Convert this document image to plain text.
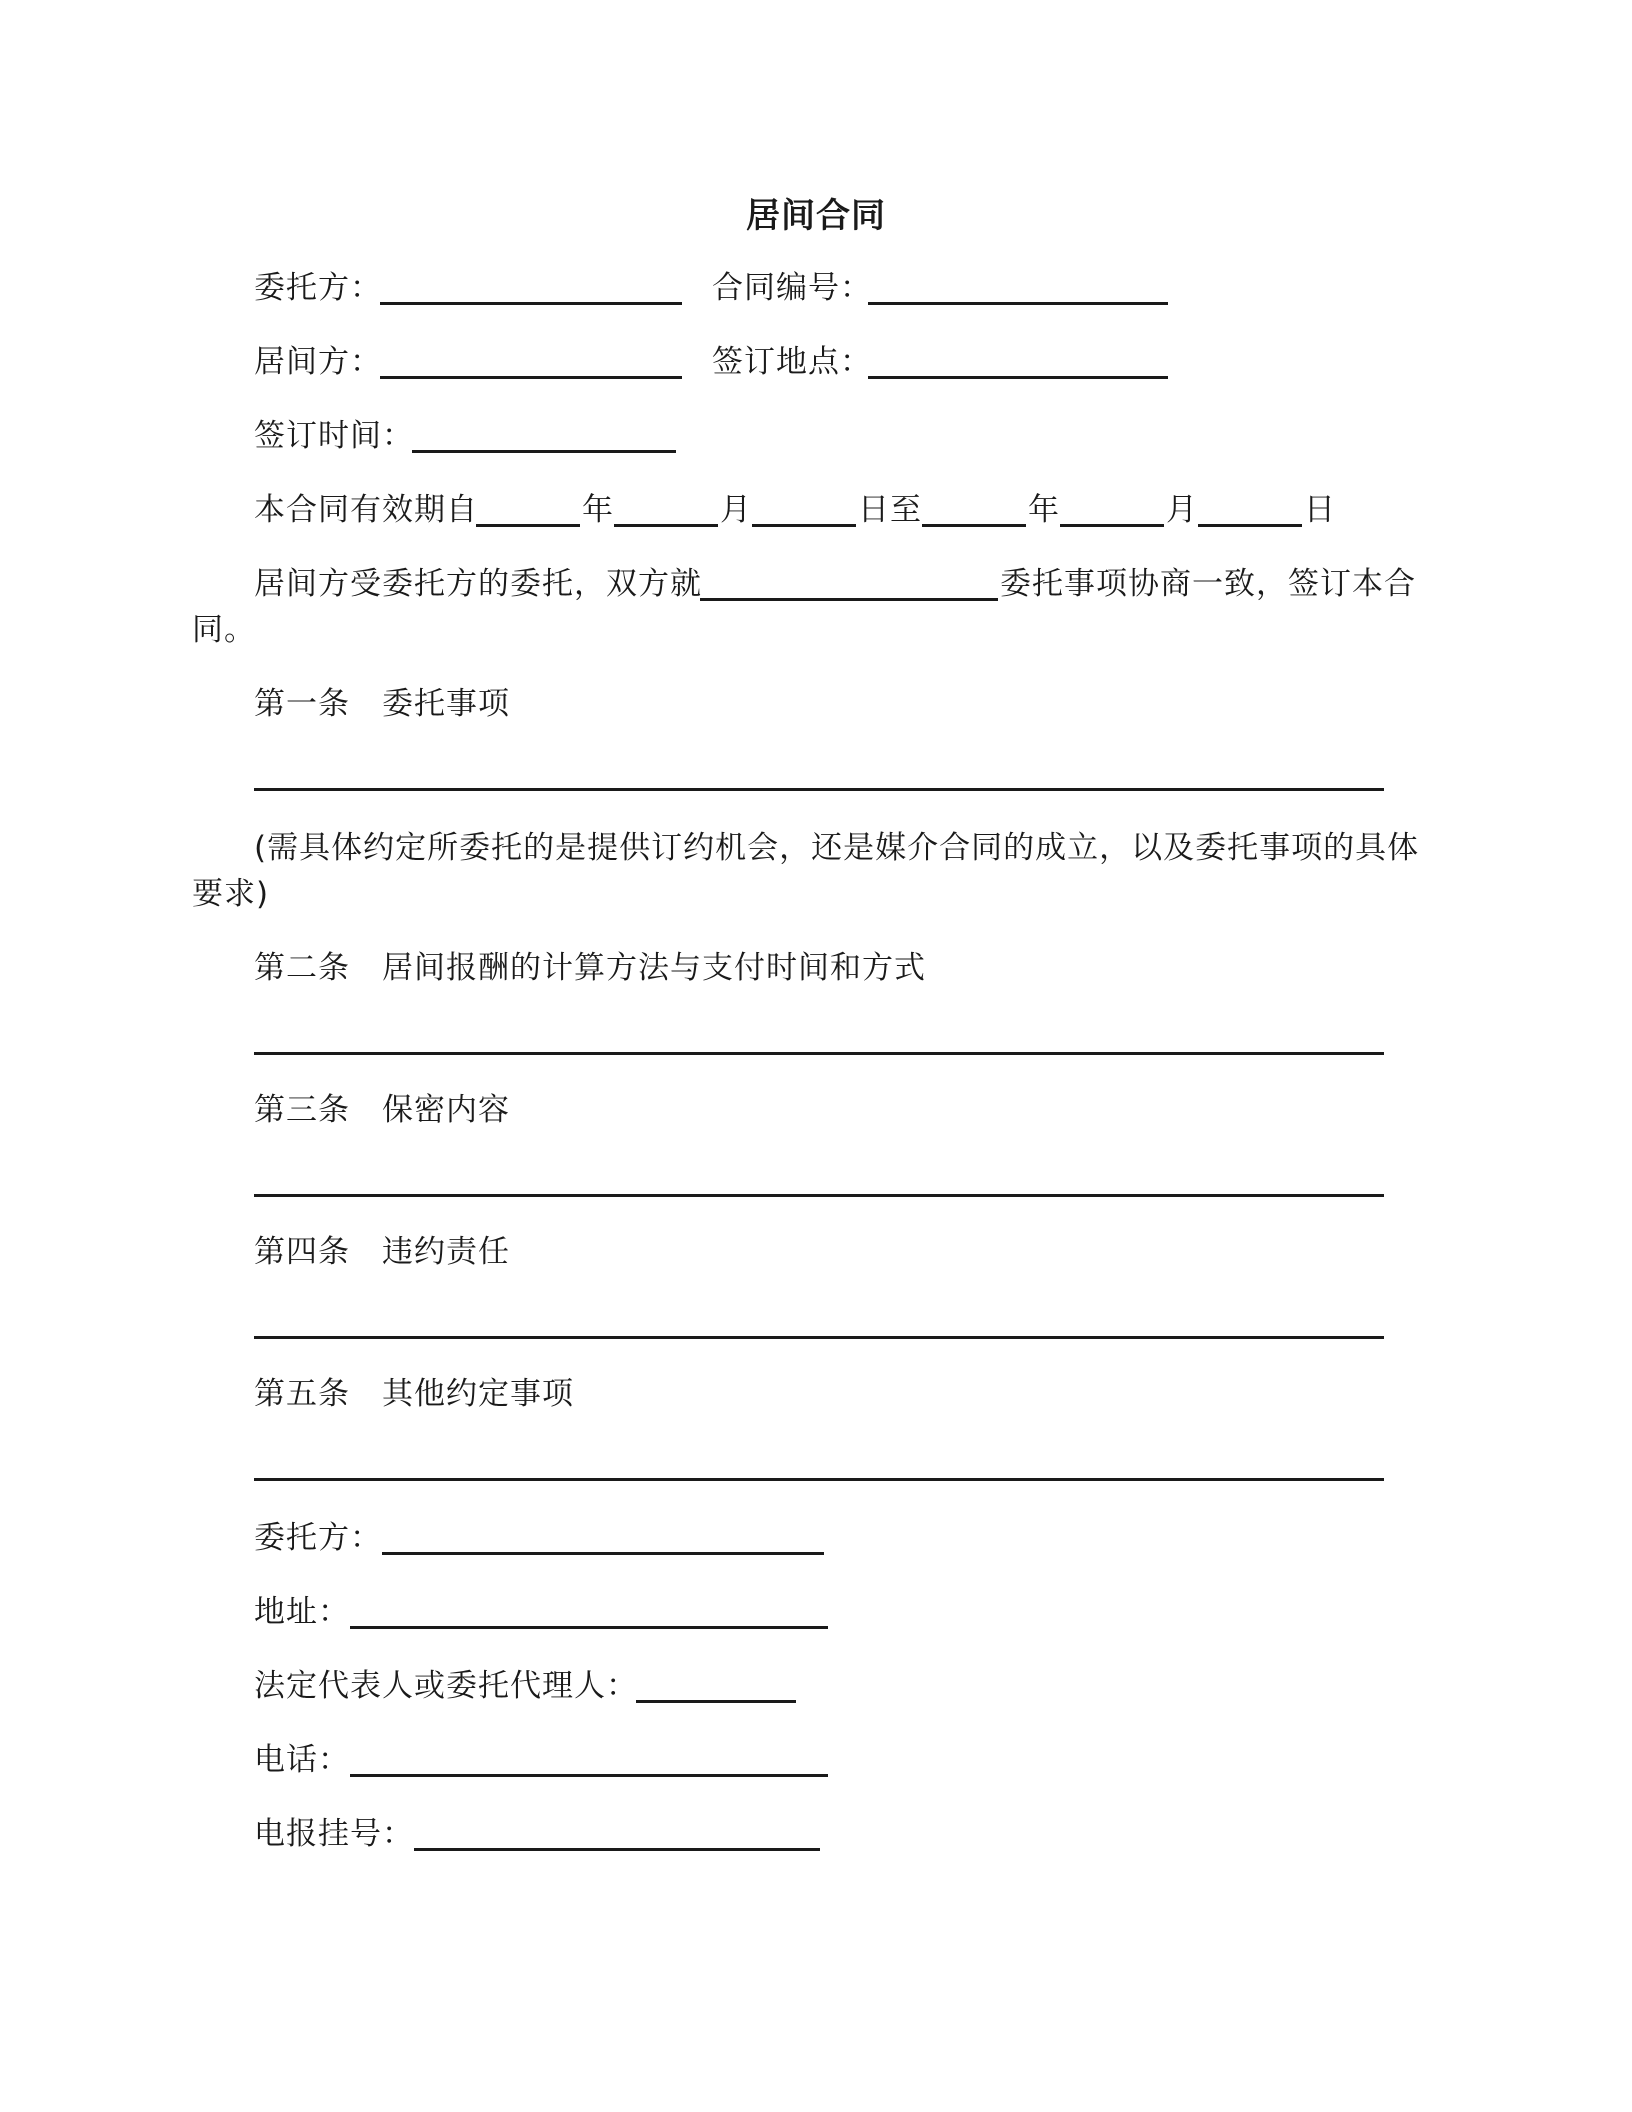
居间合同
委托方：	合同编号：
居间方：	签订地点：
签订时间：
本合同有效期自	年	月	日至	年	月	日
居间方受委托方的委托，双方就	委托事项协商一致，签订本合
同。
第一条 委托事项
(需具体约定所委托的是提供订约机会，还是媒介合同的成立，以及委托事项的具体
要求)
第二条 居间报酬的计算方法与支付时间和方式
第三条 保密内容
第四条 违约责任
第五条 其他约定事项
委托方：
地址：
法定代表人或委托代理人：
电话：
电报挂号：
